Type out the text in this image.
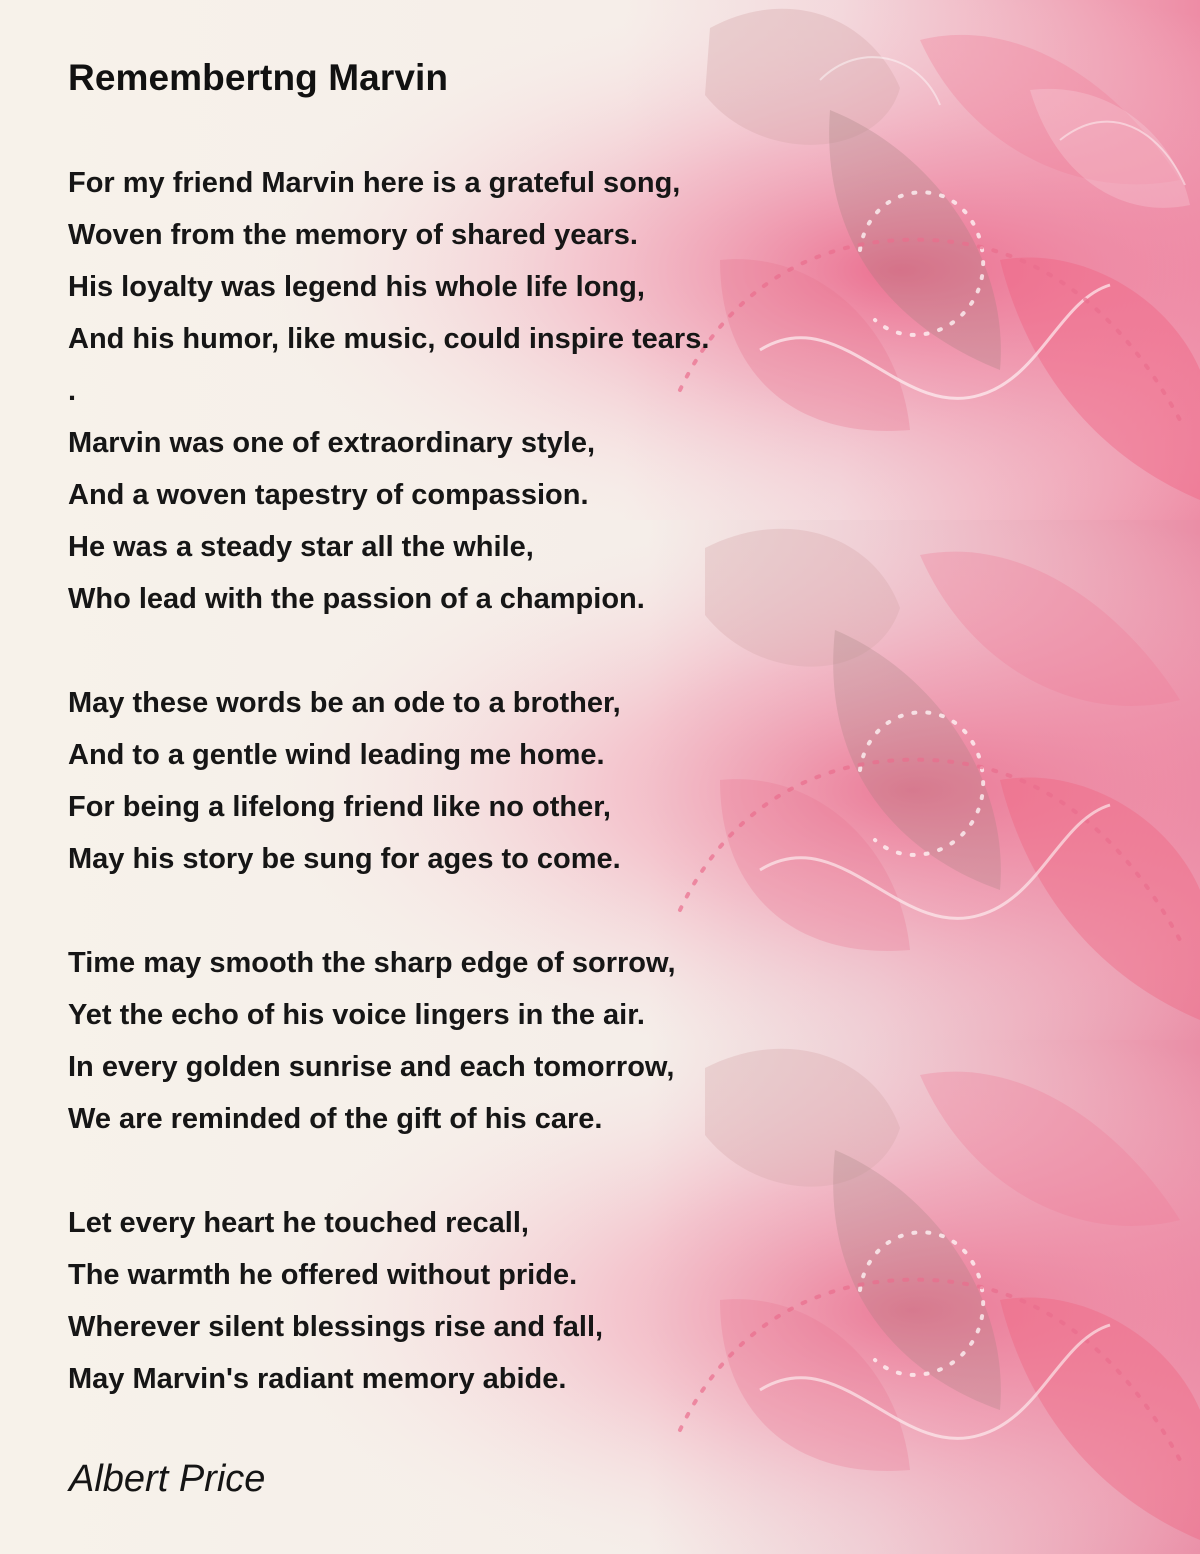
Remembertng Marvin
For my friend Marvin here is a grateful song,
Woven from the memory of shared years.
His loyalty was legend his whole life long,
And his humor, like music, could inspire tears.
.
Marvin was one of extraordinary style,
And a woven tapestry of compassion.
He was a steady star all the while,
Who lead with the passion of a champion.
May these words be an ode to a brother,
And to a gentle wind leading me home.
For being a lifelong friend like no other,
May his story be sung for ages to come.
Time may smooth the sharp edge of sorrow,
Yet the echo of his voice lingers in the air.
In every golden sunrise and each tomorrow,
We are reminded of the gift of his care.
Let every heart he touched recall,
The warmth he offered without pride.
Wherever silent blessings rise and fall,
May Marvin's radiant memory abide.
Albert Price
